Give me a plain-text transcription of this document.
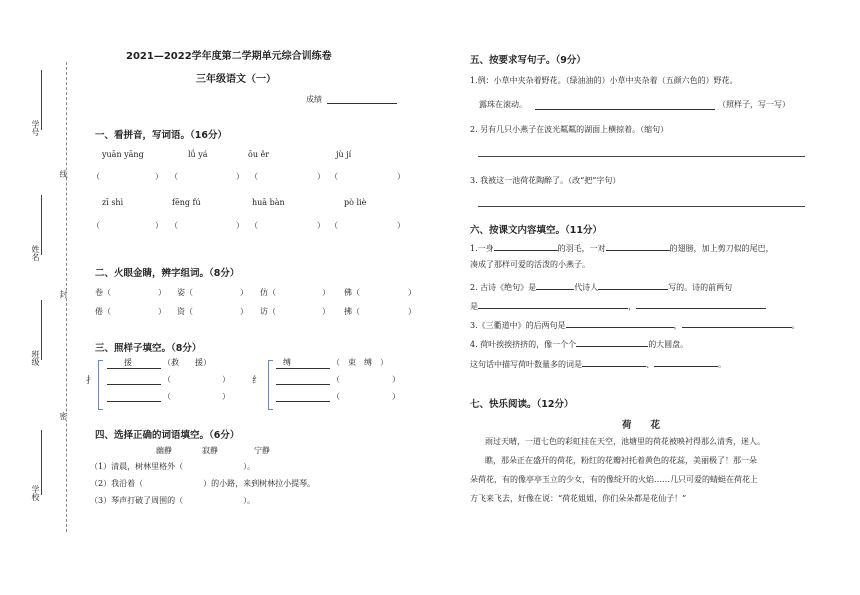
学号
姓名
班级
学校
线
封
密
2021—2022学年度第二学期单元综合训练卷
三年级语文（一）
成绩
一、看拼音，写词语。（16分）
yuān yāng	lǘ yá	ōu ěr	jù jí
（	） （	） （	） （	）
zī shì	fēng fú	huā bàn	pò liè
（	） （	） （	） （	）
二、火眼金睛，辨字组词。（8分）
卷（	） 姿（	） 仿（	） 佛（	）
倦（	） 资（	） 访（	） 拂（	）
三、照样子填空。（8分）
扌
援	（救　　援）
（	）
（	）
纟
缚	（　束　缚　）
（	）
（	）
四、选择正确的词语填空。（6分）
幽静	寂静	宁静
（1）清晨，树林里格外（	）。
（2）我沿着（	）的小路，来到树林拉小提琴。
（3）琴声打破了周围的（	）。
五、按要求写句子。（9分）
1.例：小草中夹杂着野花。（绿油油的）小草中夹杂着（五颜六色的）野花。
露珠在滚动。	（照样子，写一写）
2. 另有几只小燕子在波光粼粼的湖面上横掠着。（缩句）
3. 我被这一池荷花陶醉了。（改“把”字句）
六、按课文内容填空。（11分）
1.一身	的羽毛，一对	的翅膀，加上剪刀似的尾巴，
凑成了那样可爱的活泼的小燕子。
2. 古诗《绝句》是	代诗人	写的。诗的前两句
是	，
3.《三衢道中》的后两句是	，	。
4. 荷叶挨挨挤挤的，像一个个	的大圆盘。
这句话中描写荷叶数量多的词是	、	。
七、快乐阅读。（12分）
荷　　花
雨过天晴，一道七色的彩虹挂在天空，池塘里的荷花被映衬得那么清秀，迷人。
瞧，那朵正在盛开的荷花，粉红的花瓣衬托着黄色的花蕊，美丽极了！那一朵
朵荷花，有的像亭亭玉立的少女，有的像绽开的火焰……几只可爱的蜻蜓在荷花上
方飞来飞去，好像在说：“荷花姐姐，你们朵朵都是花仙子！”
